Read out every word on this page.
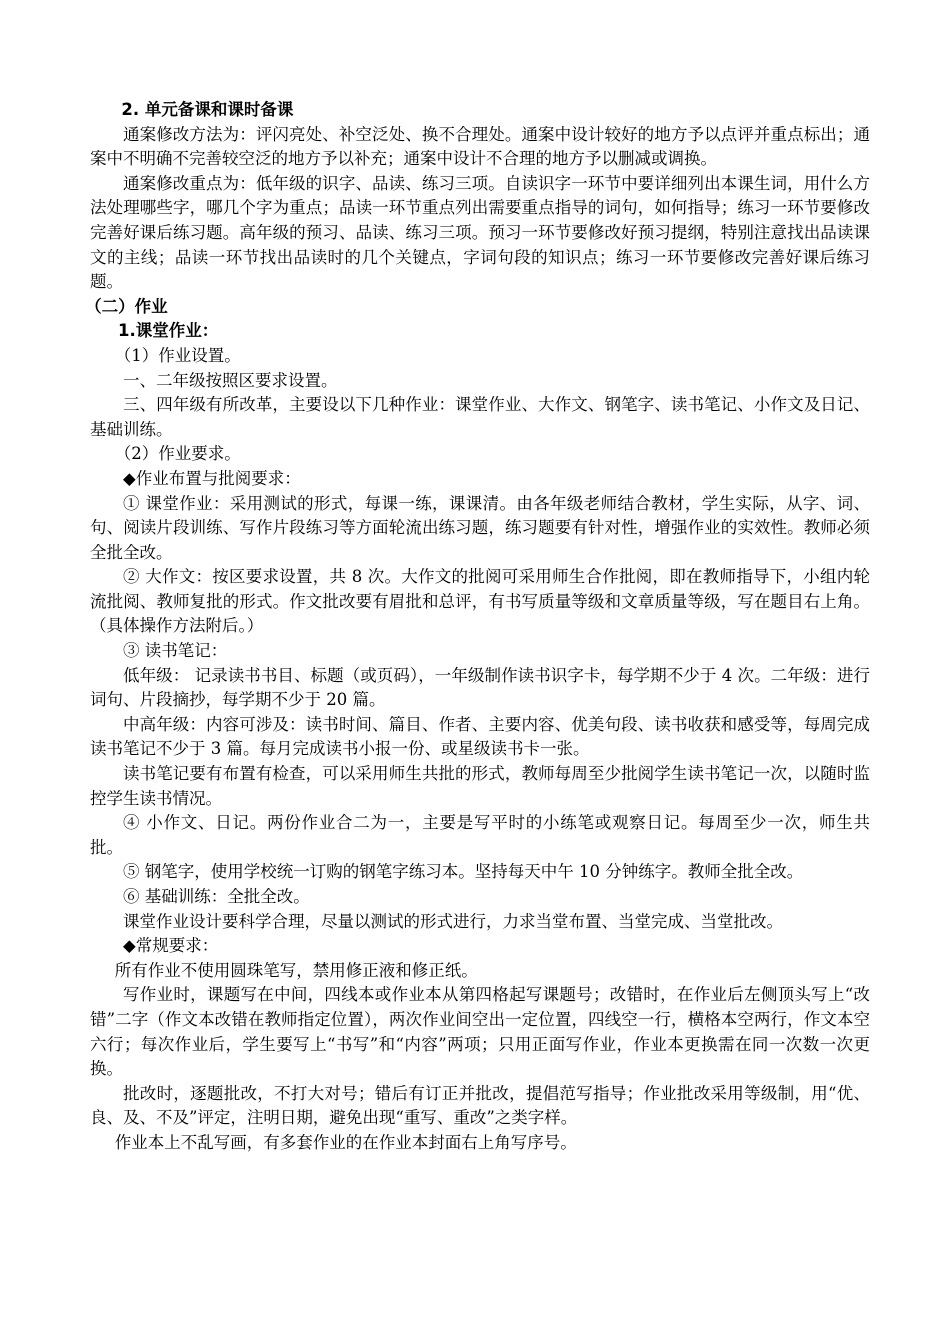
2. 单元备课和课时备课

通案修改方法为：评闪亮处、补空泛处、换不合理处。通案中设计较好的地方予以点评并重点标出；通案中不明确不完善较空泛的地方予以补充；通案中设计不合理的地方予以删减或调换。

通案修改重点为：低年级的识字、品读、练习三项。自读识字一环节中要详细列出本课生词，用什么方法处理哪些字，哪几个字为重点；品读一环节重点列出需要重点指导的词句，如何指导；练习一环节要修改完善好课后练习题。高年级的预习、品读、练习三项。预习一环节要修改好预习提纲，特别注意找出品读课文的主线；品读一环节找出品读时的几个关键点，字词句段的知识点；练习一环节要修改完善好课后练习题。

（二）作业

1.课堂作业：

（1）作业设置。

一、二年级按照区要求设置。

三、四年级有所改革，主要设以下几种作业：课堂作业、大作文、钢笔字、读书笔记、小作文及日记、基础训练。

（2）作业要求。

◆作业布置与批阅要求：

① 课堂作业：采用测试的形式，每课一练，课课清。由各年级老师结合教材，学生实际，从字、词、句、阅读片段训练、写作片段练习等方面轮流出练习题，练习题要有针对性，增强作业的实效性。教师必须全批全改。

② 大作文：按区要求设置，共 8 次。大作文的批阅可采用师生合作批阅，即在教师指导下，小组内轮流批阅、教师复批的形式。作文批改要有眉批和总评，有书写质量等级和文章质量等级，写在题目右上角。（具体操作方法附后。）

③ 读书笔记：

低年级： 记录读书书目、标题（或页码），一年级制作读书识字卡，每学期不少于 4 次。二年级：进行词句、片段摘抄，每学期不少于 20 篇。

中高年级：内容可涉及：读书时间、篇目、作者、主要内容、优美句段、读书收获和感受等，每周完成读书笔记不少于 3 篇。每月完成读书小报一份、或星级读书卡一张。

读书笔记要有布置有检查，可以采用师生共批的形式，教师每周至少批阅学生读书笔记一次，以随时监控学生读书情况。

④ 小作文、日记。两份作业合二为一，主要是写平时的小练笔或观察日记。每周至少一次，师生共批。

⑤ 钢笔字，使用学校统一订购的钢笔字练习本。坚持每天中午 10 分钟练字。教师全批全改。

⑥ 基础训练：全批全改。

课堂作业设计要科学合理，尽量以测试的形式进行，力求当堂布置、当堂完成、当堂批改。

◆常规要求：

所有作业不使用圆珠笔写，禁用修正液和修正纸。

写作业时，课题写在中间，四线本或作业本从第四格起写课题号；改错时，在作业后左侧顶头写上“改错”二字（作文本改错在教师指定位置），两次作业间空出一定位置，四线空一行，横格本空两行，作文本空六行；每次作业后，学生要写上“书写”和“内容”两项；只用正面写作业，作业本更换需在同一次数一次更换。

批改时，逐题批改，不打大对号；错后有订正并批改，提倡范写指导；作业批改采用等级制，用“优、良、及、不及”评定，注明日期，避免出现“重写、重改”之类字样。

作业本上不乱写画，有多套作业的在作业本封面右上角写序号。
